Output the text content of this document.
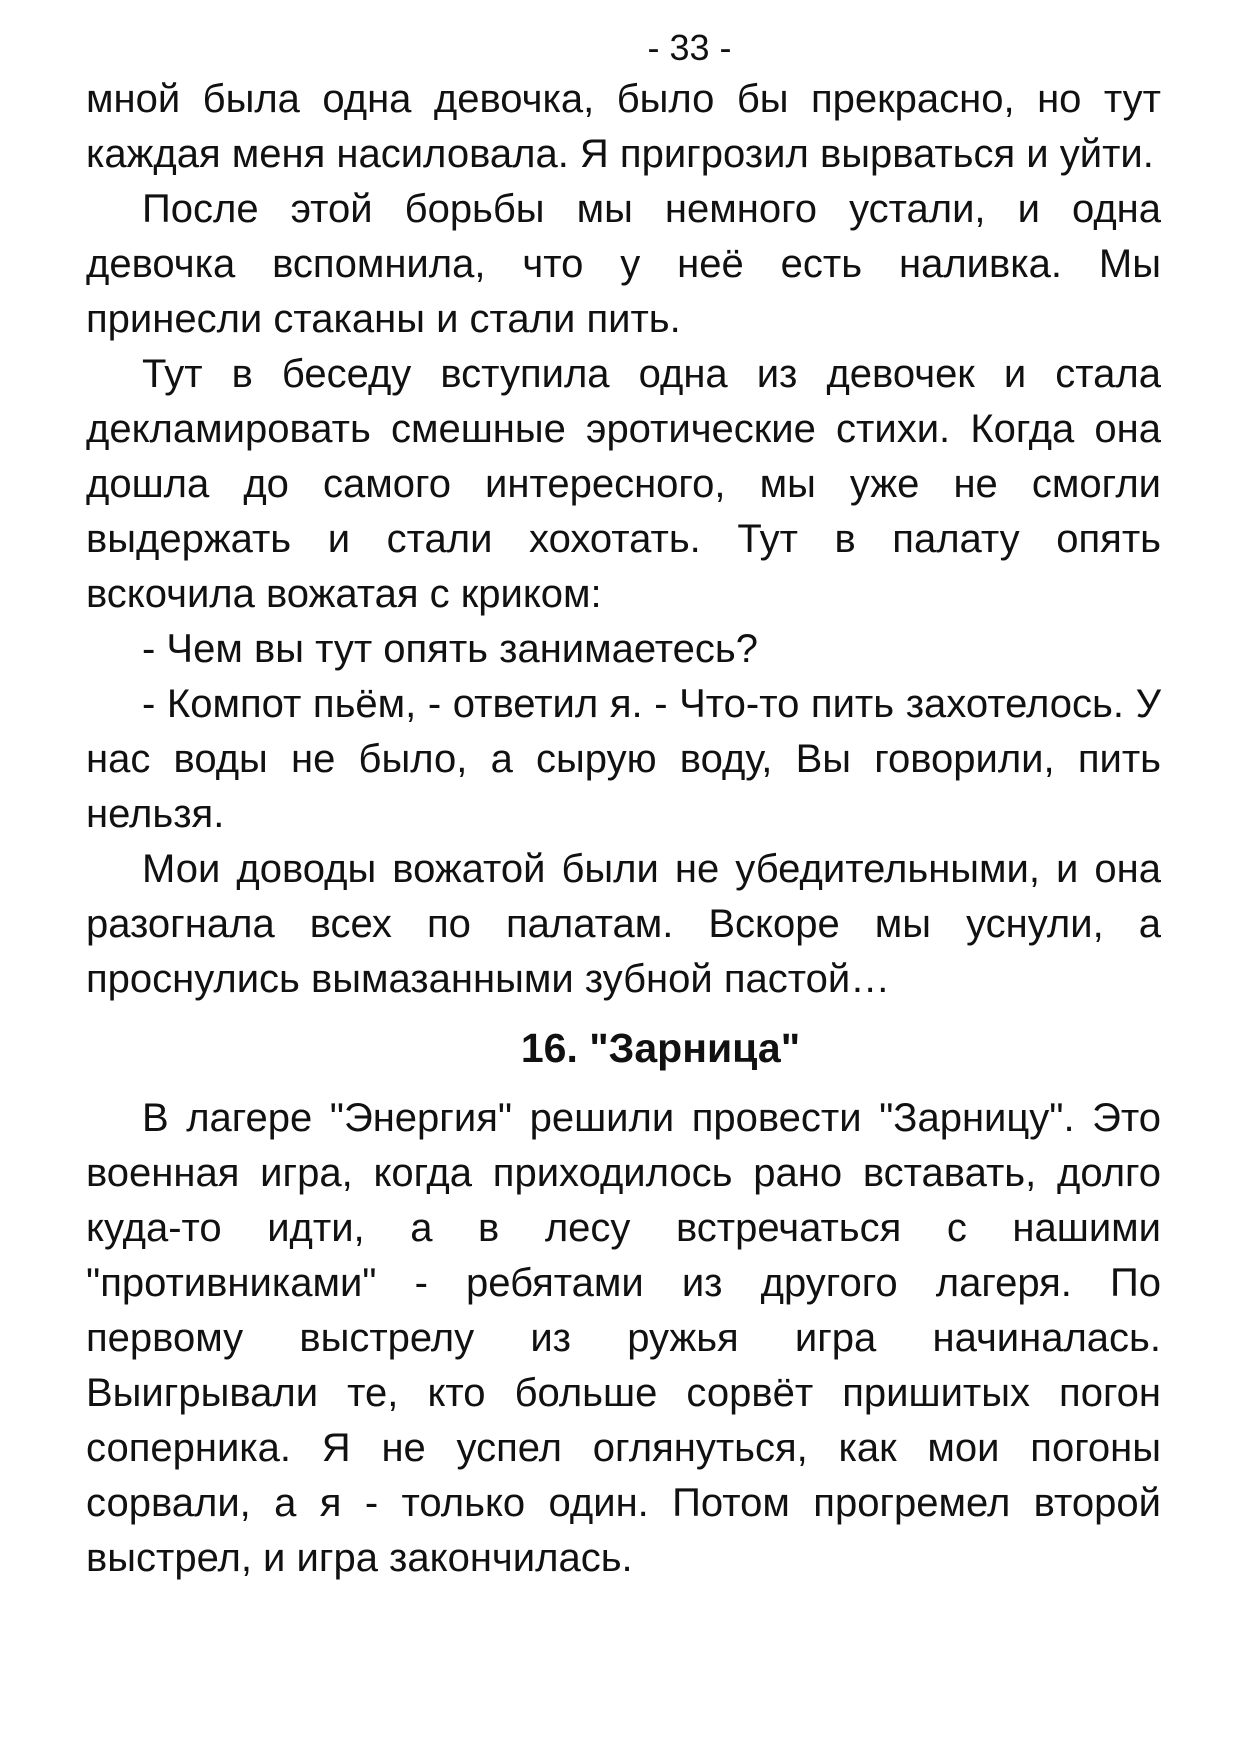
- 33 -

мной была одна девочка, было бы прекрасно, но тут каждая меня насиловала. Я пригрозил вырваться и уйти.

После этой борьбы мы немного устали, и одна девочка вспомнила, что у неё есть наливка. Мы принесли стаканы и стали пить.

Тут в беседу вступила одна из девочек и стала декламировать смешные эротические стихи. Когда она дошла до самого интересного, мы уже не смогли выдержать и стали хохотать. Тут в палату опять вскочила вожатая с криком:

- Чем вы тут опять занимаетесь?

- Компот пьём, - ответил я. - Что-то пить захотелось. У нас воды не было, а сырую воду, Вы говорили, пить нельзя.

Мои доводы вожатой были не убедительными, и она разогнала всех по палатам. Вскоре мы уснули, а проснулись вымазанными зубной пастой…

16. "Зарница"

В лагере "Энергия" решили провести "Зарницу". Это военная игра, когда приходилось рано вставать, долго куда-то идти, а в лесу встречаться с нашими "противниками" - ребятами из другого лагеря. По первому выстрелу из ружья игра начиналась. Выигрывали те, кто больше сорвёт пришитых погон соперника. Я не успел оглянуться, как мои погоны сорвали, а я - только один. Потом прогремел второй выстрел, и игра закончилась.
